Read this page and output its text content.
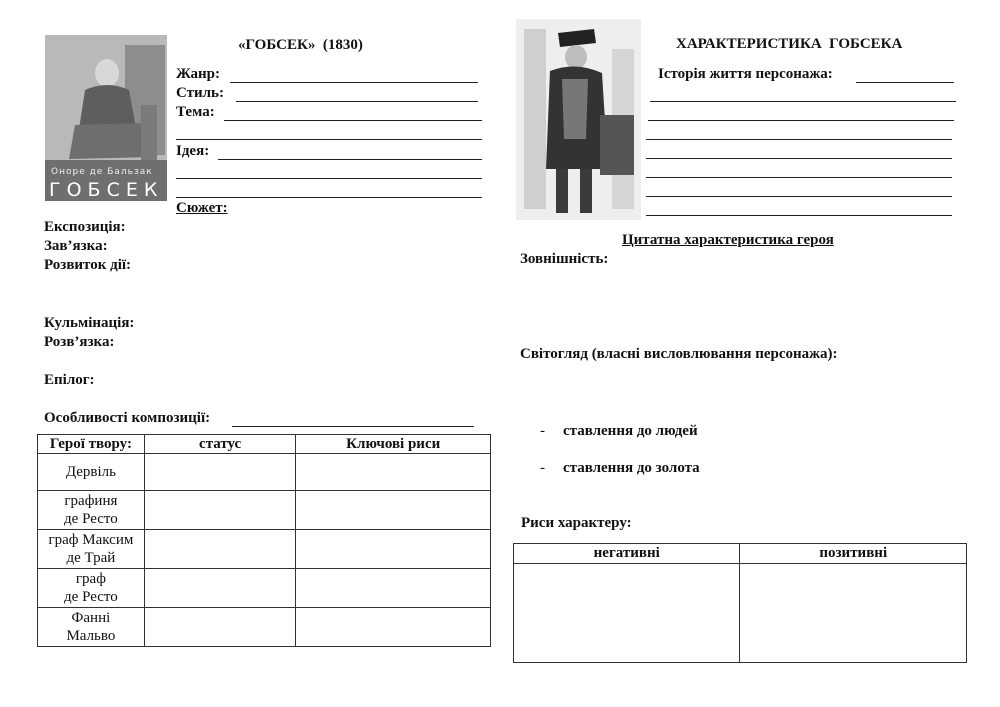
Оноре де Бальзак
ГОБСЕК
«ГОБСЕК»  (1830)
Жанр:
Стиль:
Тема:
Ідея:
Сюжет:
Експозиція:
Зав’язка:
Розвиток дії:
Кульмінація:
Розв’язка:
Епілог:
Особливості композиції:
Герої твору:	статус	Ключові риси
Дервіль		
графиня
де Ресто		
граф Максим
де Трай		
граф
де Ресто		
Фанні
Мальво		
ХАРАКТЕРИСТИКА  ГОБСЕКА
Історія життя персонажа:
Цитатна характеристика героя
Зовнішність:
Світогляд (власні висловлювання персонажа):
- ставлення до людей
- ставлення до золота
Риси характеру:
негативні	позитивні
